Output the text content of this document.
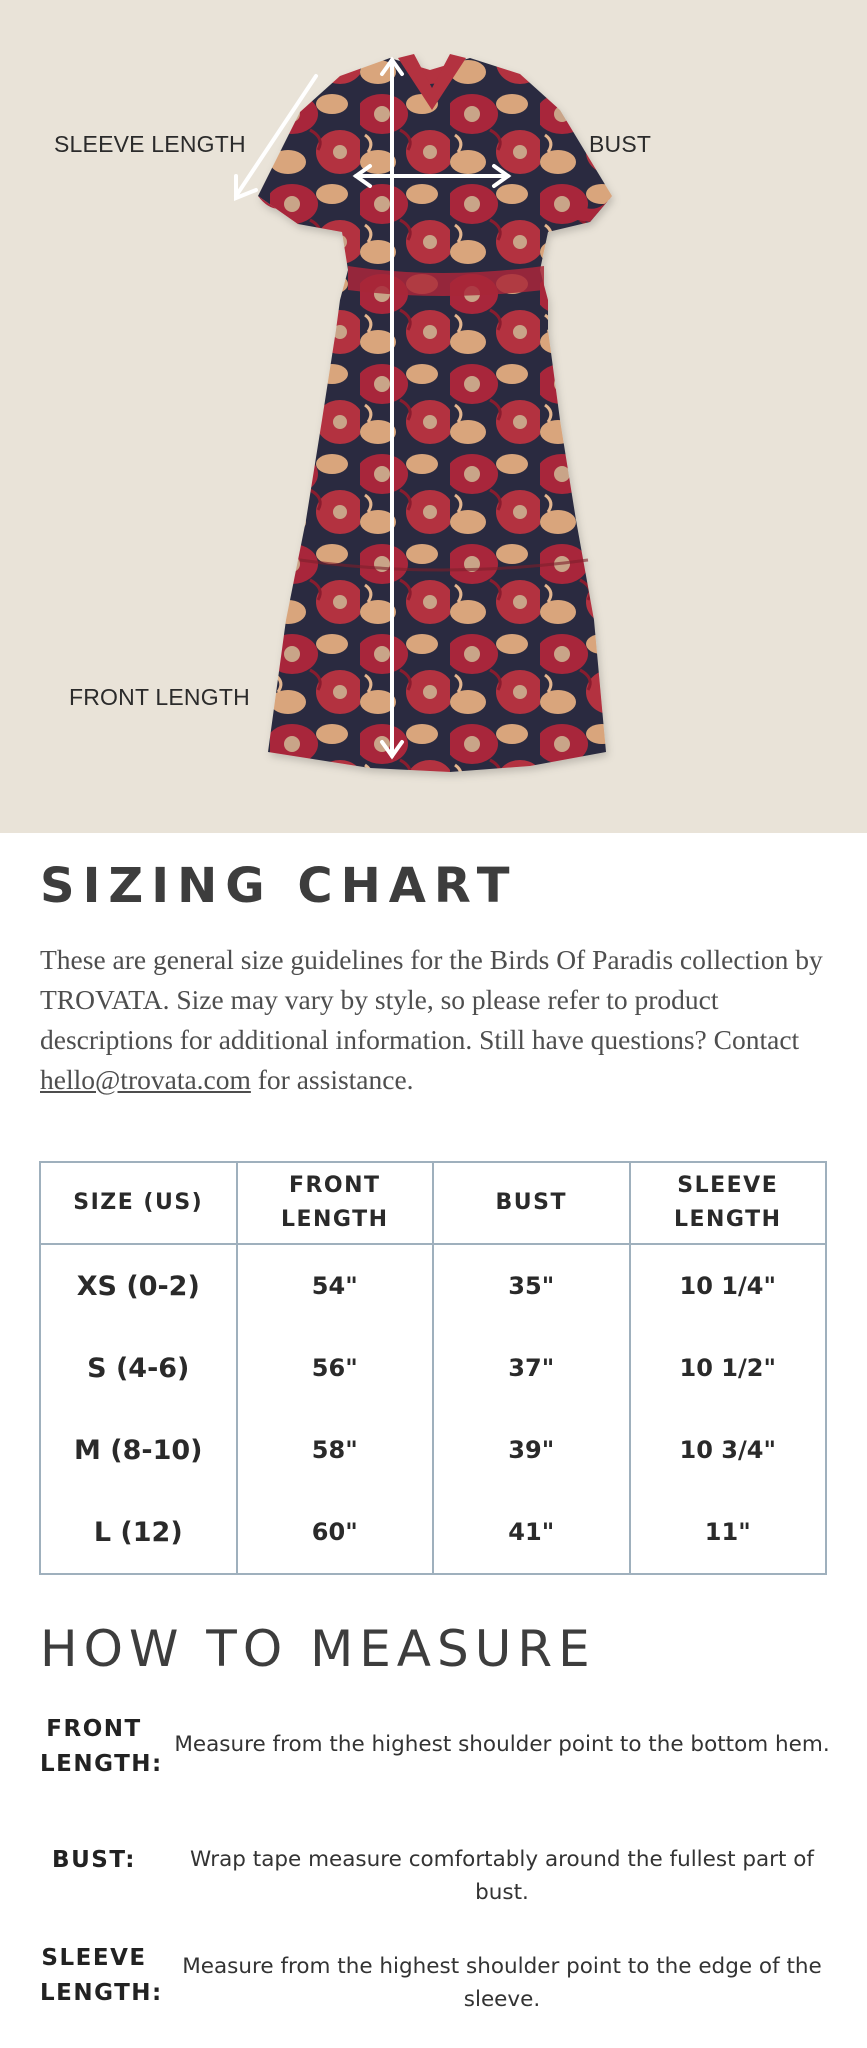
SLEEVE LENGTH	BUST
FRONT LENGTH
SIZING CHART

These are general size guidelines for the Birds Of Paradis collection by TROVATA. Size may vary by style, so please refer to product descriptions for additional information. Still have questions? Contact hello@trovata.com for assistance.

SIZE (US)	FRONT LENGTH	BUST	SLEEVE LENGTH
XS (0-2)	54"	35"	10 1/4"
S (4-6)	56"	37"	10 1/2"
M (8-10)	58"	39"	10 3/4"
L (12)	60"	41"	11"
HOW TO MEASURE
FRONT LENGTH:
Measure from the highest shoulder point to the bottom hem.
BUST:	Wrap tape measure comfortably around the fullest part of bust.
SLEEVE LENGTH:
Measure from the highest shoulder point to the edge of the sleeve.
